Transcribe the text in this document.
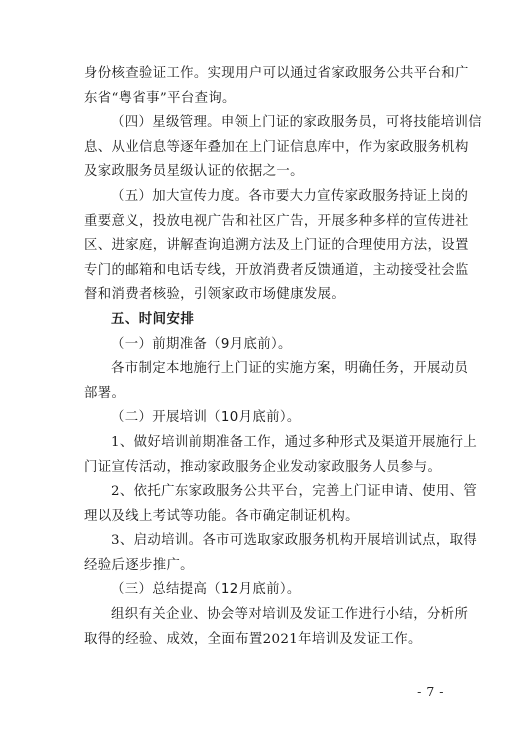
身份核查验证工作。实现用户可以通过省家政服务公共平台和广
东省“粤省事”平台查询。
（四）星级管理。申领上门证的家政服务员，可将技能培训信
息、从业信息等逐年叠加在上门证信息库中，作为家政服务机构
及家政服务员星级认证的依据之一。
（五）加大宣传力度。各市要大力宣传家政服务持证上岗的
重要意义，投放电视广告和社区广告，开展多种多样的宣传进社
区、进家庭，讲解查询追溯方法及上门证的合理使用方法，设置
专门的邮箱和电话专线，开放消费者反馈通道，主动接受社会监
督和消费者核验，引领家政市场健康发展。
五、时间安排
（一）前期准备（9月底前）。
各市制定本地施行上门证的实施方案，明确任务，开展动员
部署。
（二）开展培训（10月底前）。
1、做好培训前期准备工作，通过多种形式及渠道开展施行上
门证宣传活动，推动家政服务企业发动家政服务人员参与。
2、依托广东家政服务公共平台，完善上门证申请、使用、管
理以及线上考试等功能。各市确定制证机构。
3、启动培训。各市可选取家政服务机构开展培训试点，取得
经验后逐步推广。
（三）总结提高（12月底前）。
组织有关企业、协会等对培训及发证工作进行小结，分析所
取得的经验、成效，全面布置2021年培训及发证工作。
- 7 -
